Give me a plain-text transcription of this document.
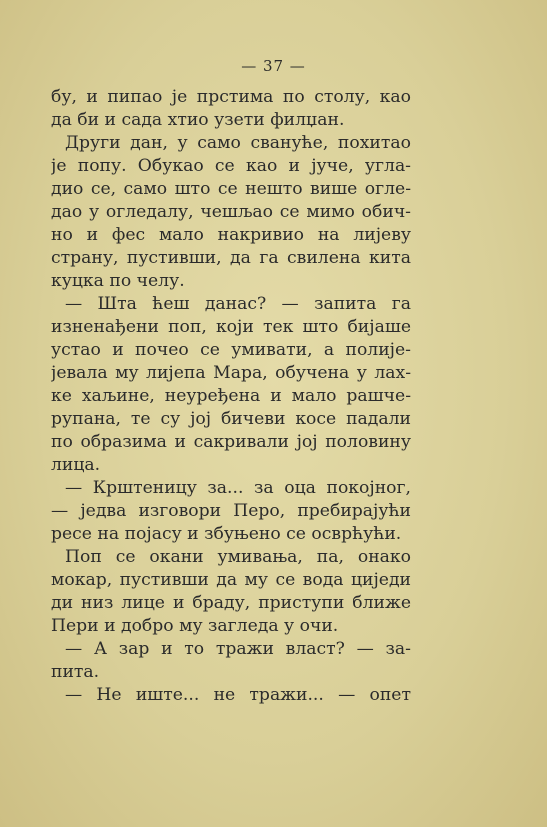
— 37 —
бу, и пипао је прстима по столу, као
да би и сада хтио узети филџан.
Други дан, у само свануће, похитао
је попу. Обукао се као и јуче, угла-
дио се, само што се нешто више огле-
дао у огледалу, чешљао се мимо обич-
но и фес мало накривио на лијеву
страну, пустивши, да га свилена кита
куцка по челу.
— Шта ћеш данас? — запита га
изненађени поп, који тек што бијаше
устао и почео се умивати, а полије-
јевала му лијепа Мара, обучена у лах-
ке хаљине, неуређена и мало рашче-
рупана, те су јој бичеви косе падали
по образима и сакривали јој половину
лица.
— Крштеницу за... за оца покојног,
— једва изговори Перо, пребирајући
ресе на појасу и збуњено се осврћући.
Поп се окани умивања, па, онако
мокар, пустивши да му се вода циједи
ди низ лице и браду, приступи ближе
Пери и добро му загледа у очи.
— А зар и то тражи власт? — за-
пита.
— Не иште... не тражи... — опет
